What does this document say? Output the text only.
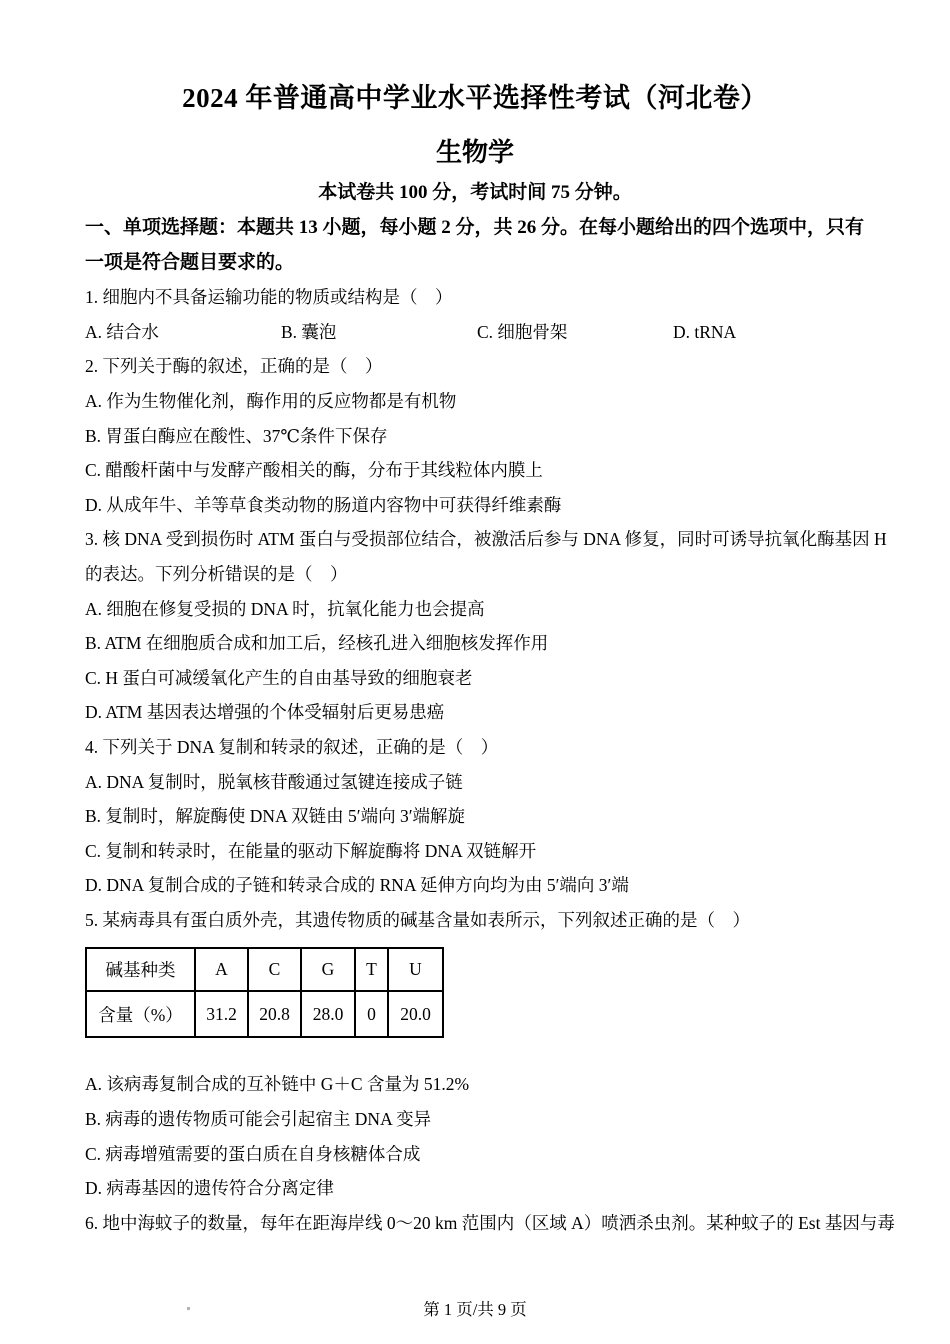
2024 年普通高中学业水平选择性考试（河北卷）
生物学
本试卷共 100 分，考试时间 75 分钟。
一、单项选择题：本题共 13 小题，每小题 2 分，共 26 分。在每小题给出的四个选项中，只有
一项是符合题目要求的。
1. 细胞内不具备运输功能的物质或结构是（　）
A. 结合水	B. 囊泡	C. 细胞骨架	D. tRNA
2. 下列关于酶的叙述，正确的是（　）
A. 作为生物催化剂，酶作用的反应物都是有机物
B. 胃蛋白酶应在酸性、37℃条件下保存
C. 醋酸杆菌中与发酵产酸相关的酶，分布于其线粒体内膜上
D. 从成年牛、羊等草食类动物的肠道内容物中可获得纤维素酶
3. 核 DNA 受到损伤时 ATM 蛋白与受损部位结合，被激活后参与 DNA 修复，同时可诱导抗氧化酶基因 H
的表达。下列分析错误的是（　）
A. 细胞在修复受损的 DNA 时，抗氧化能力也会提高
B. ATM 在细胞质合成和加工后，经核孔进入细胞核发挥作用
C. H 蛋白可减缓氧化产生的自由基导致的细胞衰老
D. ATM 基因表达增强的个体受辐射后更易患癌
4. 下列关于 DNA 复制和转录的叙述，正确的是（　）
A. DNA 复制时，脱氧核苷酸通过氢键连接成子链
B. 复制时，解旋酶使 DNA 双链由 5′端向 3′端解旋
C. 复制和转录时，在能量的驱动下解旋酶将 DNA 双链解开
D. DNA 复制合成的子链和转录合成的 RNA 延伸方向均为由 5′端向 3′端
5. 某病毒具有蛋白质外壳，其遗传物质的碱基含量如表所示，下列叙述正确的是（　）
碱基种类	A	C	G	T	U
含量（%）	31.2	20.8	28.0	0	20.0
A. 该病毒复制合成的互补链中 G＋C 含量为 51.2%
B. 病毒的遗传物质可能会引起宿主 DNA 变异
C. 病毒增殖需要的蛋白质在自身核糖体合成
D. 病毒基因的遗传符合分离定律
6. 地中海蚊子的数量，每年在距海岸线 0～20 km 范围内（区域 A）喷洒杀虫剂。某种蚊子的 Est 基因与毒
第 1 页/共 9 页
